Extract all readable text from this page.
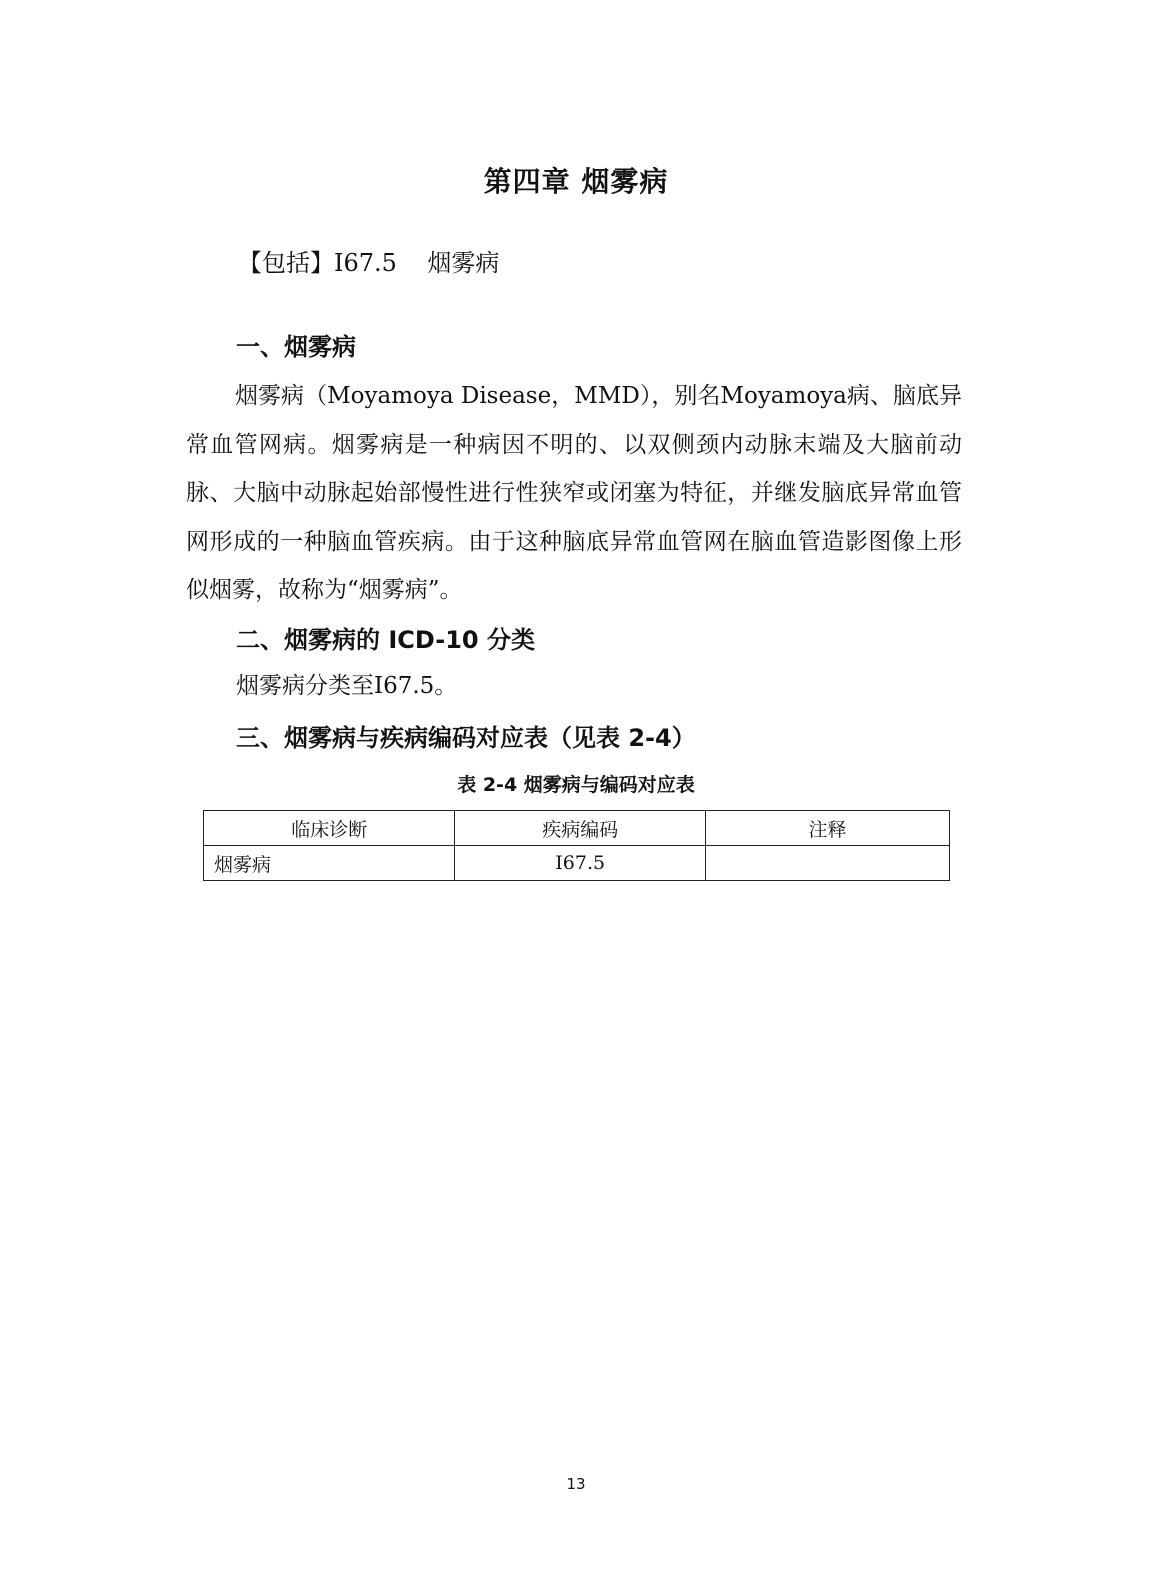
第四章 烟雾病
【包括】I67.5    烟雾病
一、烟雾病
烟雾病（Moyamoya Disease，MMD），别名Moyamoya病、脑底异常血管网病。烟雾病是一种病因不明的、以双侧颈内动脉末端及大脑前动脉、大脑中动脉起始部慢性进行性狭窄或闭塞为特征，并继发脑底异常血管网形成的一种脑血管疾病。由于这种脑底异常血管网在脑血管造影图像上形似烟雾，故称为“烟雾病”。
二、烟雾病的 ICD-10 分类
烟雾病分类至I67.5。
三、烟雾病与疾病编码对应表（见表 2-4）
表 2-4 烟雾病与编码对应表
临床诊断	疾病编码	注释
烟雾病	I67.5	
13
